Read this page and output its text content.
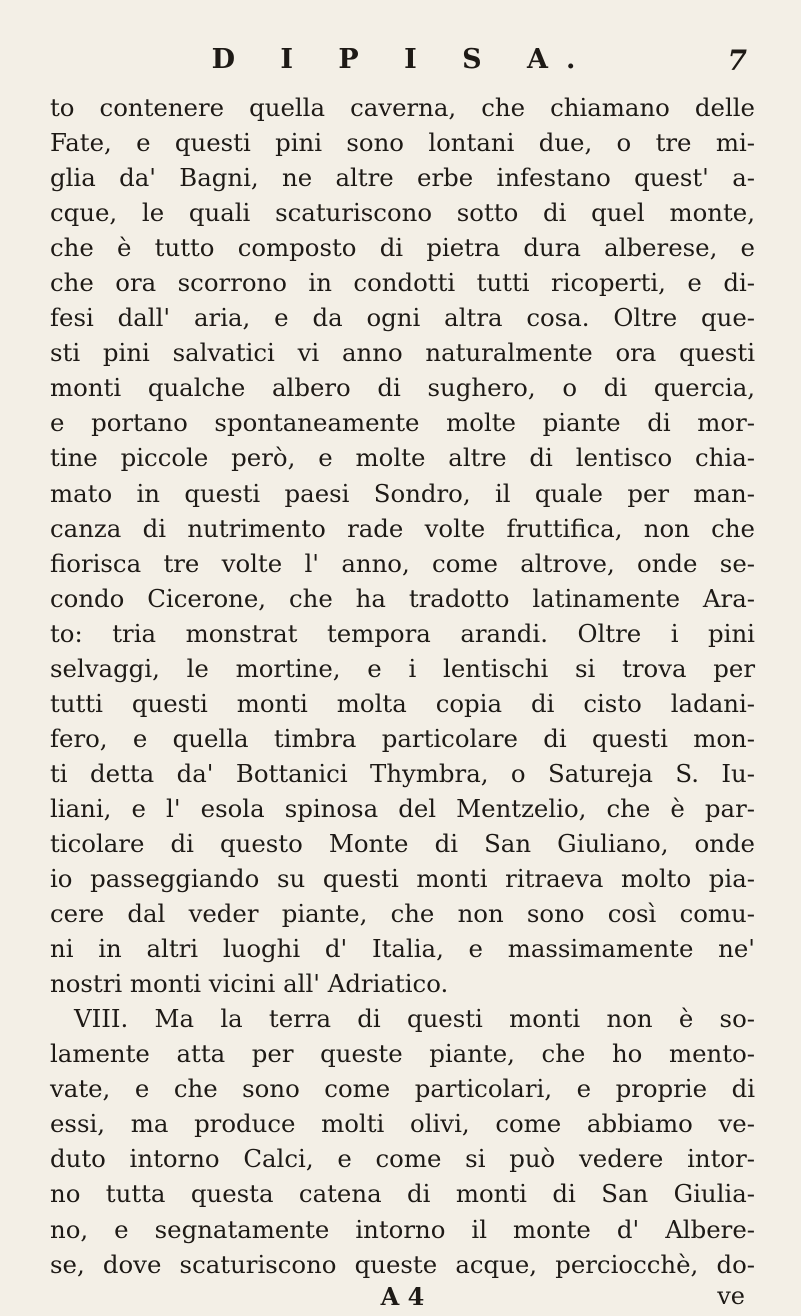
D I P I S A.	7
to contenere quella caverna, che chiamano delle
Fate, e questi pini sono lontani due, o tre mi-
glia da' Bagni, ne altre erbe infestano quest' a-
cque, le quali scaturiscono sotto di quel monte,
che è tutto composto di pietra dura alberese, e
che ora scorrono in condotti tutti ricoperti, e di-
fesi dall' aria, e da ogni altra cosa. Oltre que-
sti pini salvatici vi anno naturalmente ora questi
monti qualche albero di sughero, o di quercia,
e portano spontaneamente molte piante di mor-
tine piccole però, e molte altre di lentisco chia-
mato in questi paesi Sondro, il quale per man-
canza di nutrimento rade volte fruttifica, non che
fiorisca tre volte l' anno, come altrove, onde se-
condo Cicerone, che ha tradotto latinamente Ara-
to: tria monstrat tempora arandi. Oltre i pini
selvaggi, le mortine, e i lentischi si trova per
tutti questi monti molta copia di cisto ladani-
fero, e quella timbra particolare di questi mon-
ti detta da' Bottanici Thymbra, o Satureja S. Iu-
liani, e l' esola spinosa del Mentzelio, che è par-
ticolare di questo Monte di San Giuliano, onde
io passeggiando su questi monti ritraeva molto pia-
cere dal veder piante, che non sono così comu-
ni in altri luoghi d' Italia, e massimamente ne'
nostri monti vicini all' Adriatico.
VIII. Ma la terra di questi monti non è so-
lamente atta per queste piante, che ho mento-
vate, e che sono come particolari, e proprie di
essi, ma produce molti olivi, come abbiamo ve-
duto intorno Calci, e come si può vedere intor-
no tutta questa catena di monti di San Giulia-
no, e segnatamente intorno il monte d' Albere-
se, dove scaturiscono queste acque, perciocchè, do-
A 4	ve
